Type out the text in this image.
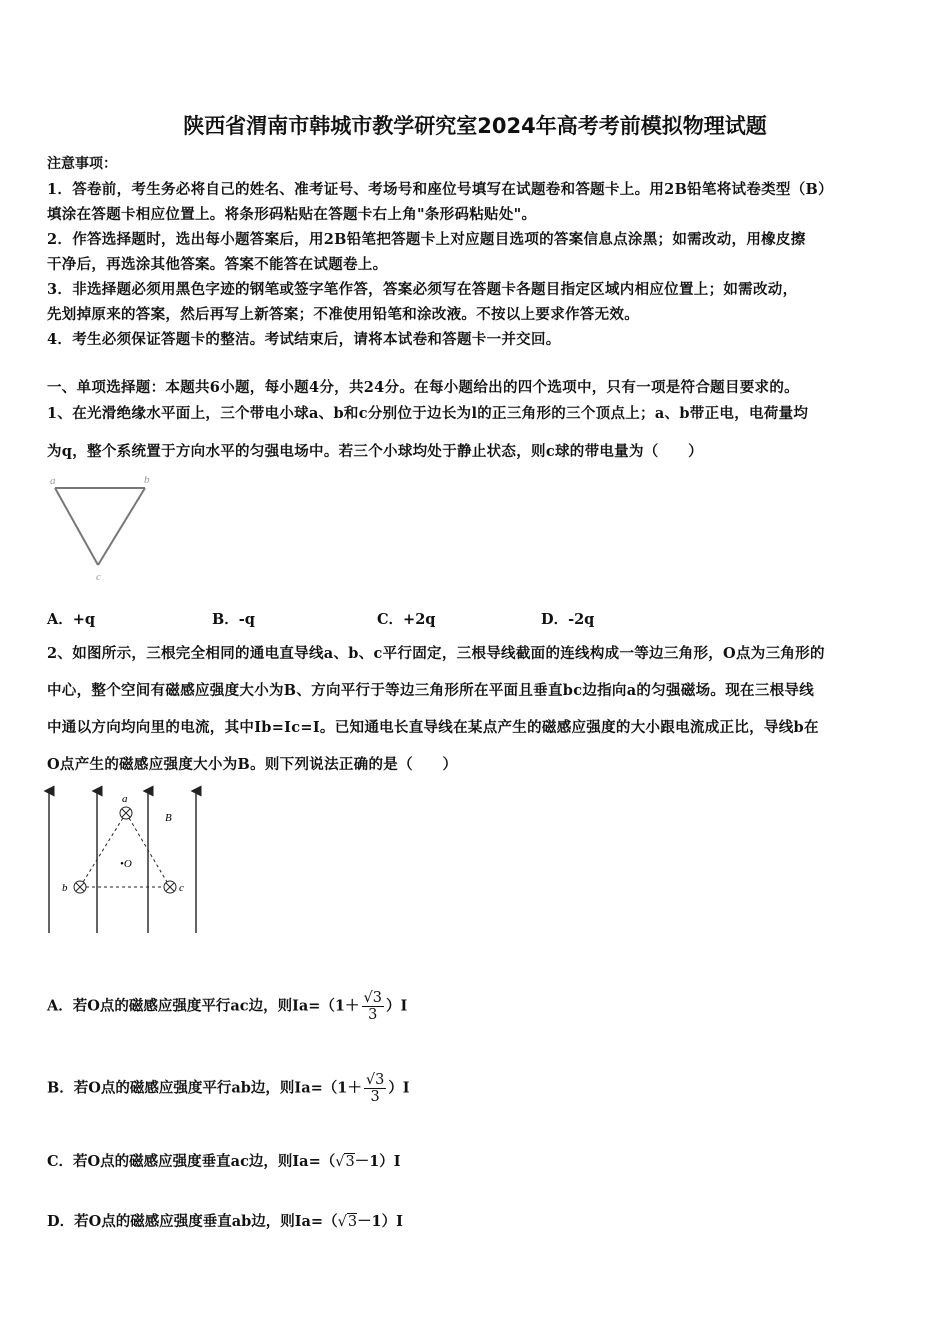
陕西省渭南市韩城市教学研究室2024年高考考前模拟物理试题
注意事项：
1．答卷前，考生务必将自己的姓名、准考证号、考场号和座位号填写在试题卷和答题卡上。用2B铅笔将试卷类型（B）
填涂在答题卡相应位置上。将条形码粘贴在答题卡右上角"条形码粘贴处"。
2．作答选择题时，选出每小题答案后，用2B铅笔把答题卡上对应题目选项的答案信息点涂黑；如需改动，用橡皮擦
干净后，再选涂其他答案。答案不能答在试题卷上。
3．非选择题必须用黑色字迹的钢笔或签字笔作答，答案必须写在答题卡各题目指定区域内相应位置上；如需改动，
先划掉原来的答案，然后再写上新答案；不准使用铅笔和涂改液。不按以上要求作答无效。
4．考生必须保证答题卡的整洁。考试结束后，请将本试卷和答题卡一并交回。
一、单项选择题：本题共6小题，每小题4分，共24分。在每小题给出的四个选项中，只有一项是符合题目要求的。
1、在光滑绝缘水平面上，三个带电小球a、b和c分别位于边长为l的正三角形的三个顶点上；a、b带正电，电荷量均
为q，整个系统置于方向水平的匀强电场中。若三个小球均处于静止状态，则c球的带电量为（　　）
a	b
c
A．+q	B．-q	C．+2q	D．-2q
2、如图所示，三根完全相同的通电直导线a、b、c平行固定，三根导线截面的连线构成一等边三角形，O点为三角形的
中心，整个空间有磁感应强度大小为B、方向平行于等边三角形所在平面且垂直bc边指向a的匀强磁场。现在三根导线
中通以方向均向里的电流，其中Ib=Ic=I。已知通电长直导线在某点产生的磁感应强度的大小跟电流成正比，导线b在
O点产生的磁感应强度大小为B。则下列说法正确的是（　　）
a
b	c
•O
B
A．若O点的磁感应强度平行ac边，则$Ia=(1+ \frac{√3}{3} )I$
B．若O点的磁感应强度平行ab边，则$Ia=(1+ \frac{√3}{3} )I$
C．若O点的磁感应强度垂直ac边，则Ia=（√3－1）I
D．若O点的磁感应强度垂直ab边，则Ia=（√3－1）I
